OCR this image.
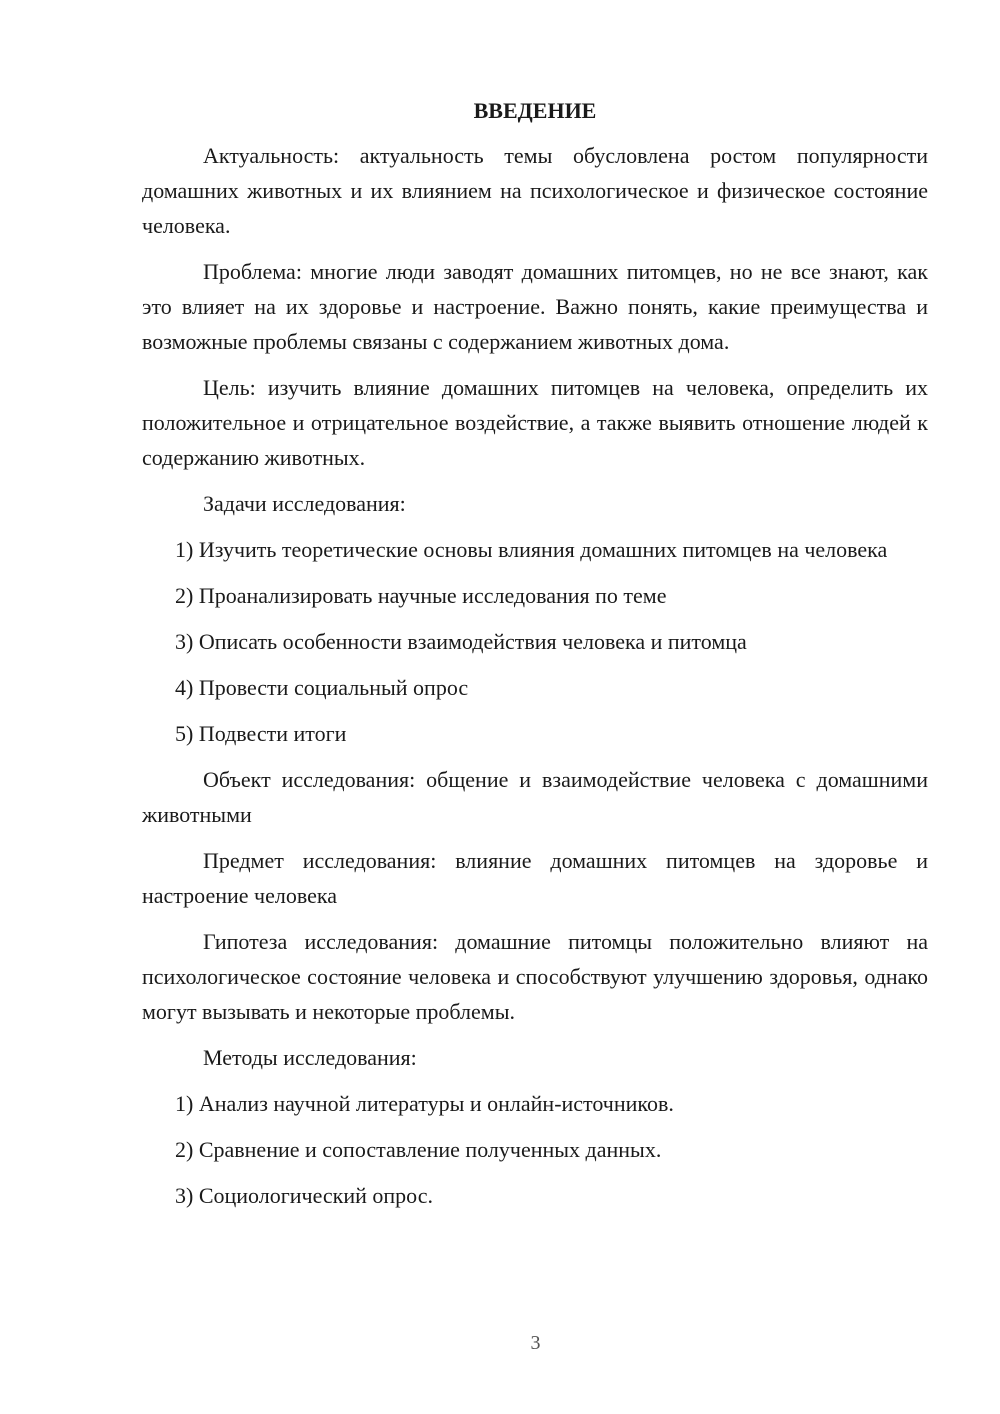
ВВЕДЕНИЕ

Актуальность: актуальность темы обусловлена ростом популярности домашних животных и их влиянием на психологическое и физическое состояние человека.

Проблема: многие люди заводят домашних питомцев, но не все знают, как это влияет на их здоровье и настроение. Важно понять, какие преимущества и возможные проблемы связаны с содержанием животных дома.

Цель: изучить влияние домашних питомцев на человека, определить их положительное и отрицательное воздействие, а также выявить отношение людей к содержанию животных.

Задачи исследования:

1) Изучить теоретические основы влияния домашних питомцев на человека

2) Проанализировать научные исследования по теме

3) Описать особенности взаимодействия человека и питомца

4) Провести социальный опрос

5) Подвести итоги

Объект исследования: общение и взаимодействие человека с домашними животными

Предмет исследования: влияние домашних питомцев на здоровье и настроение человека

Гипотеза исследования: домашние питомцы положительно влияют на психологическое состояние человека и способствуют улучшению здоровья, однако могут вызывать и некоторые проблемы.

Методы исследования:

1) Анализ научной литературы и онлайн-источников.

2) Сравнение и сопоставление полученных данных.

3) Социологический опрос.

3
